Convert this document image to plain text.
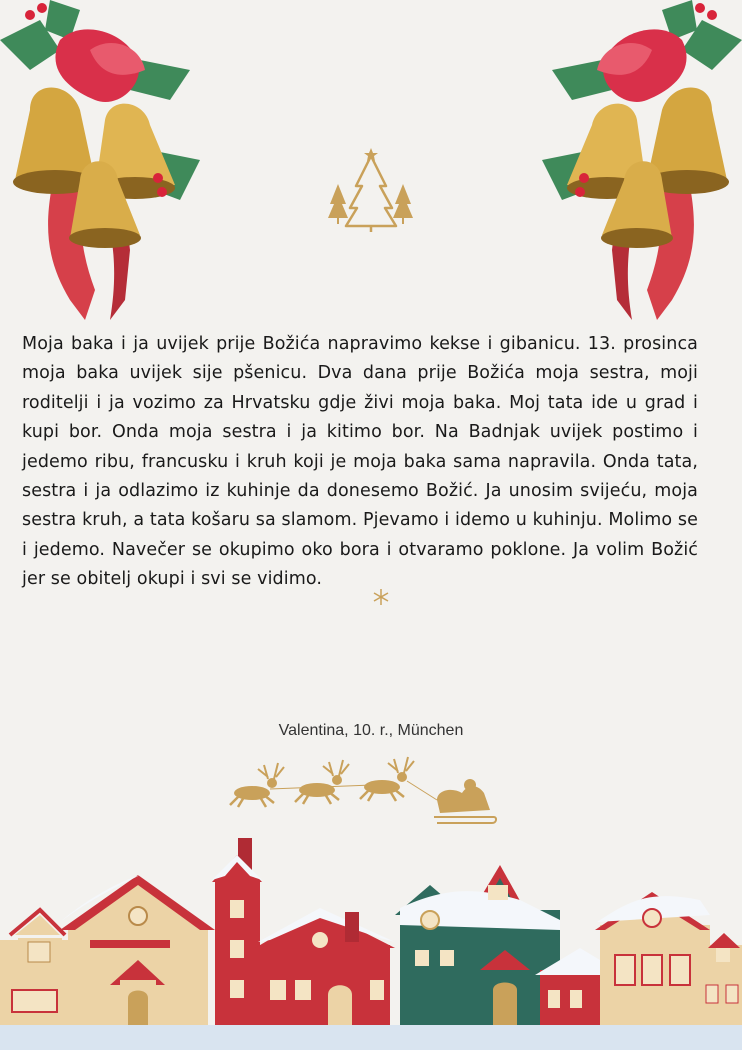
Moja baka i ja uvijek prije Božića napravimo kekse i gibanicu. 13. prosinca moja baka uvijek sije pšenicu. Dva dana prije Božića moja sestra, moji roditelji i ja vozimo za Hrvatsku gdje živi moja baka. Moj tata ide u grad i kupi bor. Onda moja sestra i ja kitimo bor. Na Badnjak uvijek postimo i jedemo ribu, francusku i kruh koji je moja baka sama napravila. Onda tata, sestra i ja odlazimo iz kuhinje da donesemo Božić. Ja unosim svijeću, moja sestra kruh, a tata košaru sa slamom. Pjevamo i idemo u kuhinju. Molimo se i jedemo. Navečer se okupimo oko bora i otvaramo poklone. Ja volim Božić jer se obitelj okupi i svi se vidimo.

Valentina, 10. r., München
